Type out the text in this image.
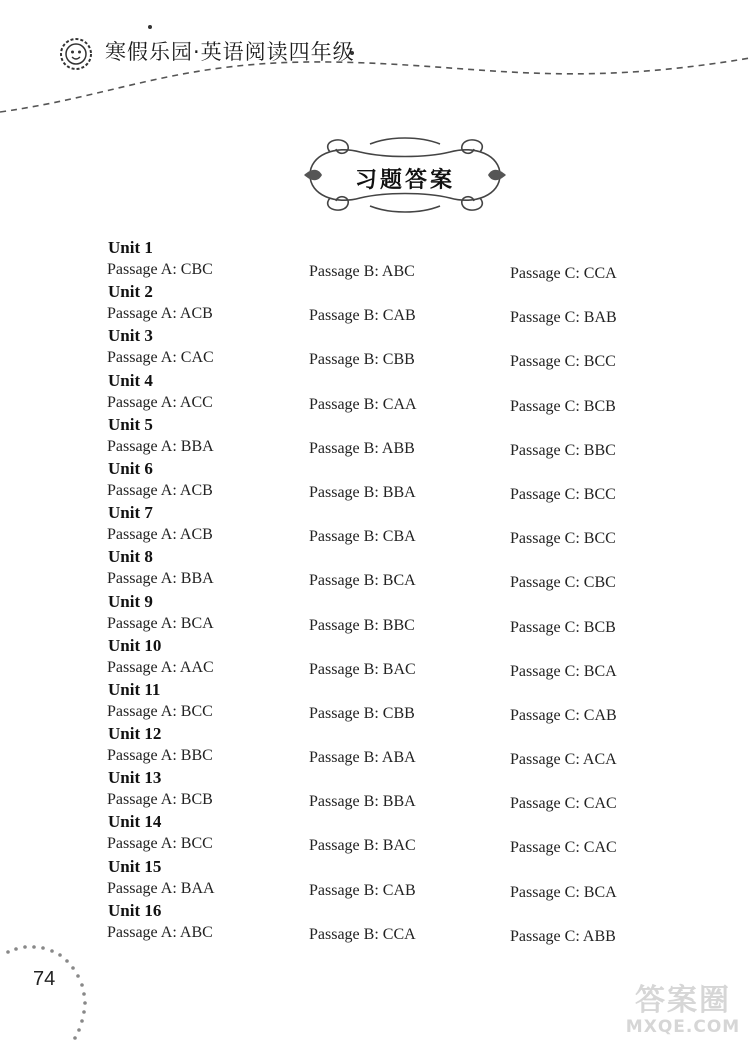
寒假乐园·英语阅读四年级
习题答案
Unit 1
Passage A: CBC	Passage B: ABC	Passage C: CCA
Unit 2
Passage A: ACB	Passage B: CAB	Passage C: BAB
Unit 3
Passage A: CAC	Passage B: CBB	Passage C: BCC
Unit 4
Passage A: ACC	Passage B: CAA	Passage C: BCB
Unit 5
Passage A: BBA	Passage B: ABB	Passage C: BBC
Unit 6
Passage A: ACB	Passage B: BBA	Passage C: BCC
Unit 7
Passage A: ACB	Passage B: CBA	Passage C: BCC
Unit 8
Passage A: BBA	Passage B: BCA	Passage C: CBC
Unit 9
Passage A: BCA	Passage B: BBC	Passage C: BCB
Unit 10
Passage A: AAC	Passage B: BAC	Passage C: BCA
Unit 11
Passage A: BCC	Passage B: CBB	Passage C: CAB
Unit 12
Passage A: BBC	Passage B: ABA	Passage C: ACA
Unit 13
Passage A: BCB	Passage B: BBA	Passage C: CAC
Unit 14
Passage A: BCC	Passage B: BAC	Passage C: CAC
Unit 15
Passage A: BAA	Passage B: CAB	Passage C: BCA
Unit 16
Passage A: ABC	Passage B: CCA	Passage C: ABB
74
答案圈
MXQE.COM
